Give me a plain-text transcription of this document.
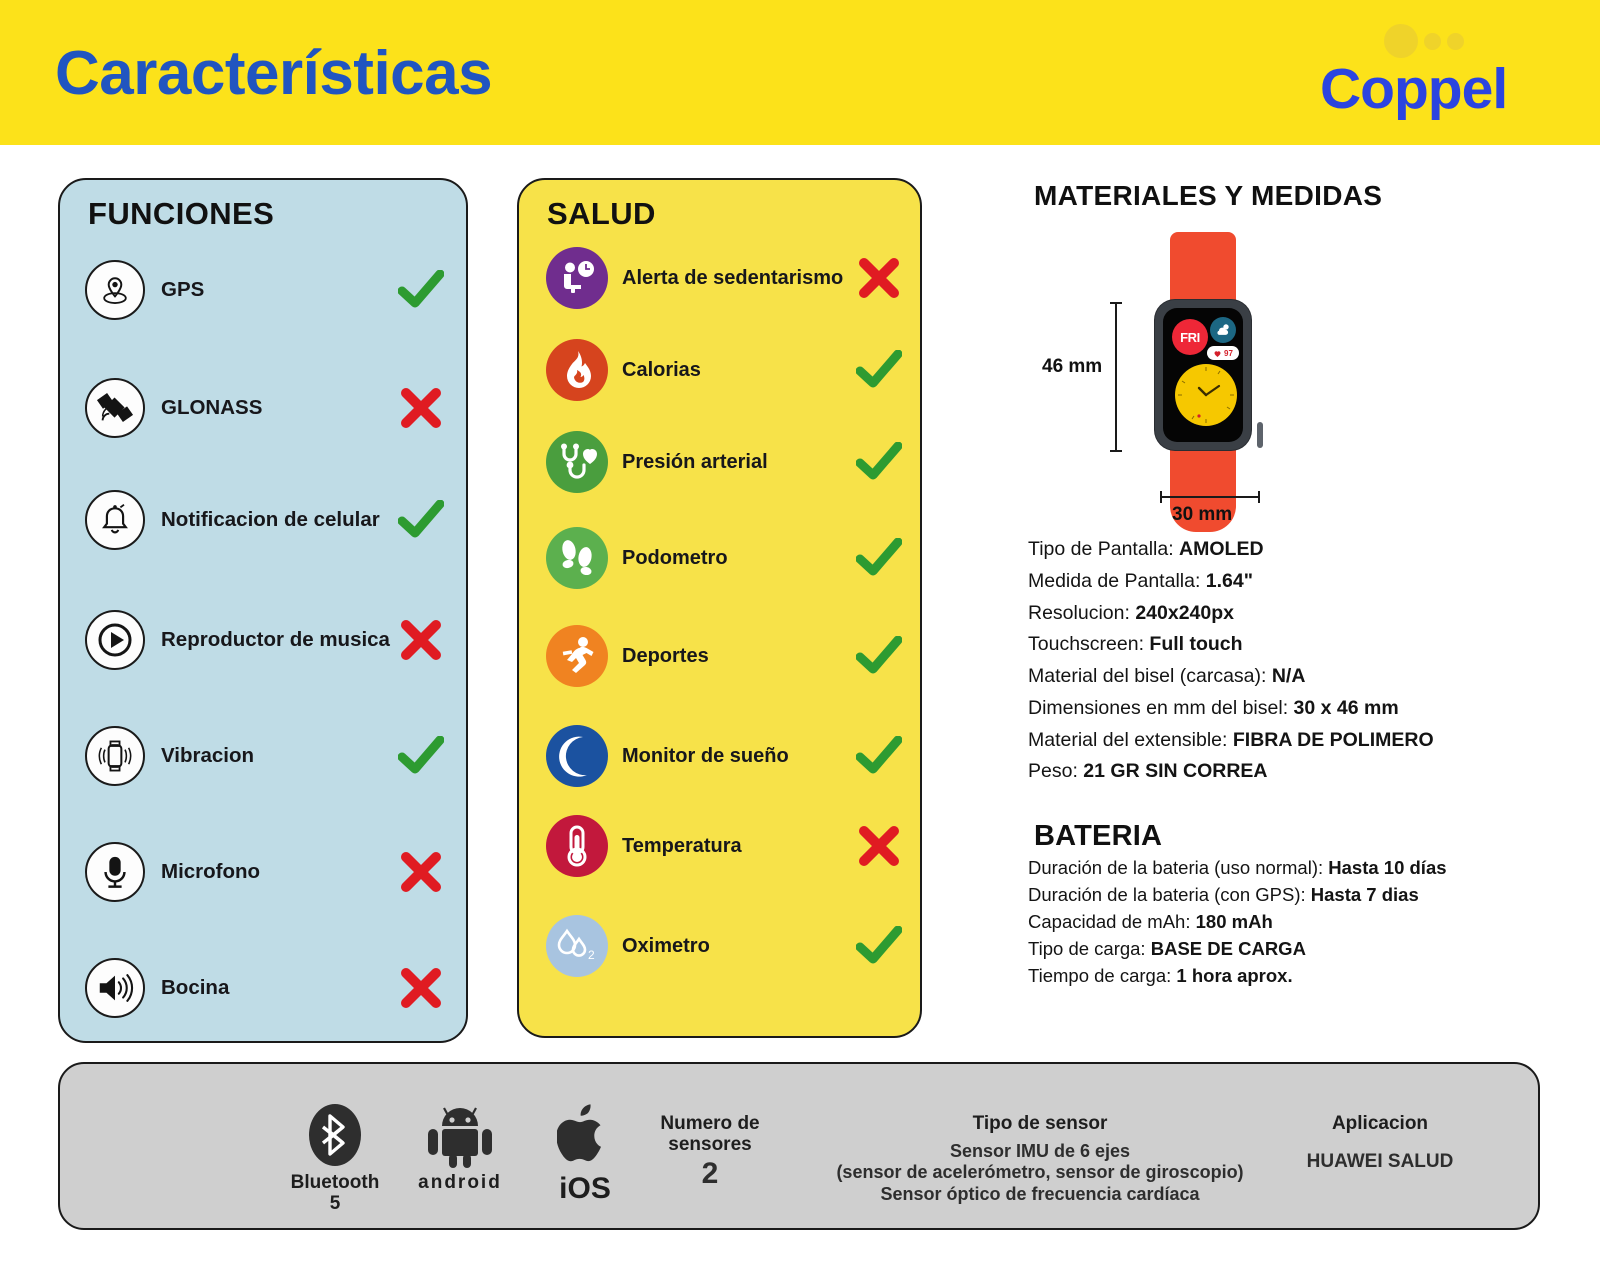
Características	Coppel
FUNCIONES
GPS
GLONASS
Notificacion de celular
Reproductor de musica
Vibracion
Microfono
Bocina
SALUD
Alerta de sedentarismo
Calorias
Presión arterial
Podometro
Deportes
Monitor de sueño
Temperatura
2 Oximetro
MATERIALES Y MEDIDAS
46 mm
FRI
97
30 mm
Tipo de Pantalla: AMOLED
Medida de Pantalla: 1.64"
Resolucion: 240x240px
Touchscreen: Full touch
Material del bisel (carcasa): N/A
Dimensiones en mm del bisel: 30 x 46 mm
Material del extensible: FIBRA DE POLIMERO
Peso: 21 GR SIN CORREA
BATERIA
Duración de la bateria (uso normal): Hasta 10 días
Duración de la bateria (con GPS): Hasta 7 dias
Capacidad de mAh: 180 mAh
Tipo de carga: BASE DE CARGA
Tiempo de carga: 1 hora aprox.
Bluetooth
5
android	iOS
Numero de
sensores
2
Tipo de sensor
Sensor IMU de 6 ejes
(sensor de acelerómetro, sensor de giroscopio)
Sensor óptico de frecuencia cardíaca
Aplicacion
HUAWEI SALUD
